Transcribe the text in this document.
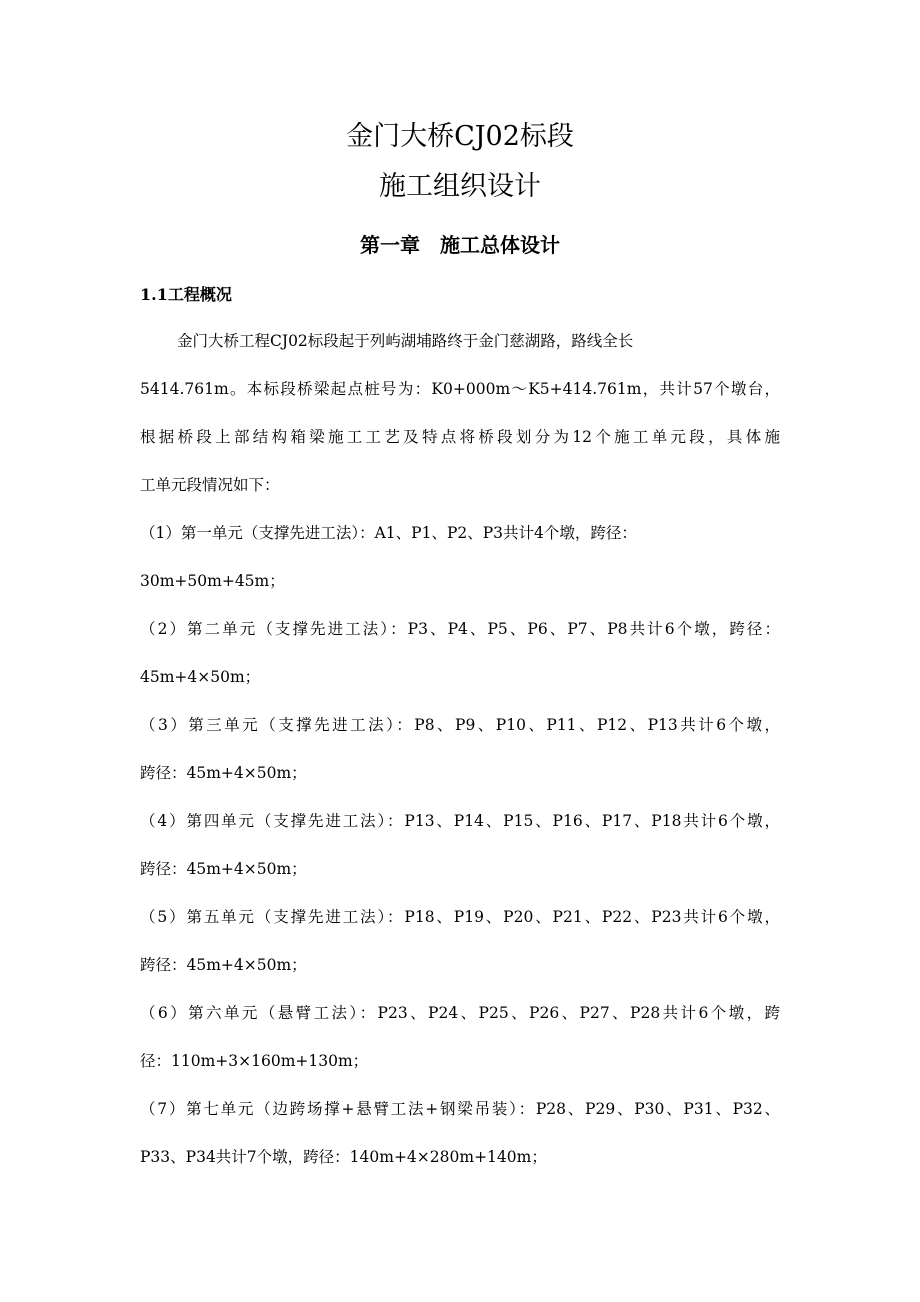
金门大桥CJ02标段
施工组织设计
第一章　施工总体设计
1.1工程概况
金门大桥工程CJ02标段起于列屿湖埔路终于金门慈湖路，路线全长
5414.761m。本标段桥梁起点桩号为：K0+000m～K5+414.761m，共计57个墩台，
根据桥段上部结构箱梁施工工艺及特点将桥段划分为12个施工单元段，具体施
工单元段情况如下：
（1）第一单元（支撑先进工法）：A1、P1、P2、P3共计4个墩，跨径：
30m+50m+45m；
（2）第二单元（支撑先进工法）：P3、P4、P5、P6、P7、P8共计6个墩，跨径：
45m+4×50m；
（3）第三单元（支撑先进工法）：P8、P9、P10、P11、P12、P13共计6个墩，
跨径：45m+4×50m；
（4）第四单元（支撑先进工法）：P13、P14、P15、P16、P17、P18共计6个墩，
跨径：45m+4×50m；
（5）第五单元（支撑先进工法）：P18、P19、P20、P21、P22、P23共计6个墩，
跨径：45m+4×50m；
（6）第六单元（悬臂工法）：P23、P24、P25、P26、P27、P28共计6个墩，跨
径：110m+3×160m+130m；
（7）第七单元（边跨场撑+悬臂工法+钢梁吊装）：P28、P29、P30、P31、P32、
P33、P34共计7个墩，跨径：140m+4×280m+140m；
